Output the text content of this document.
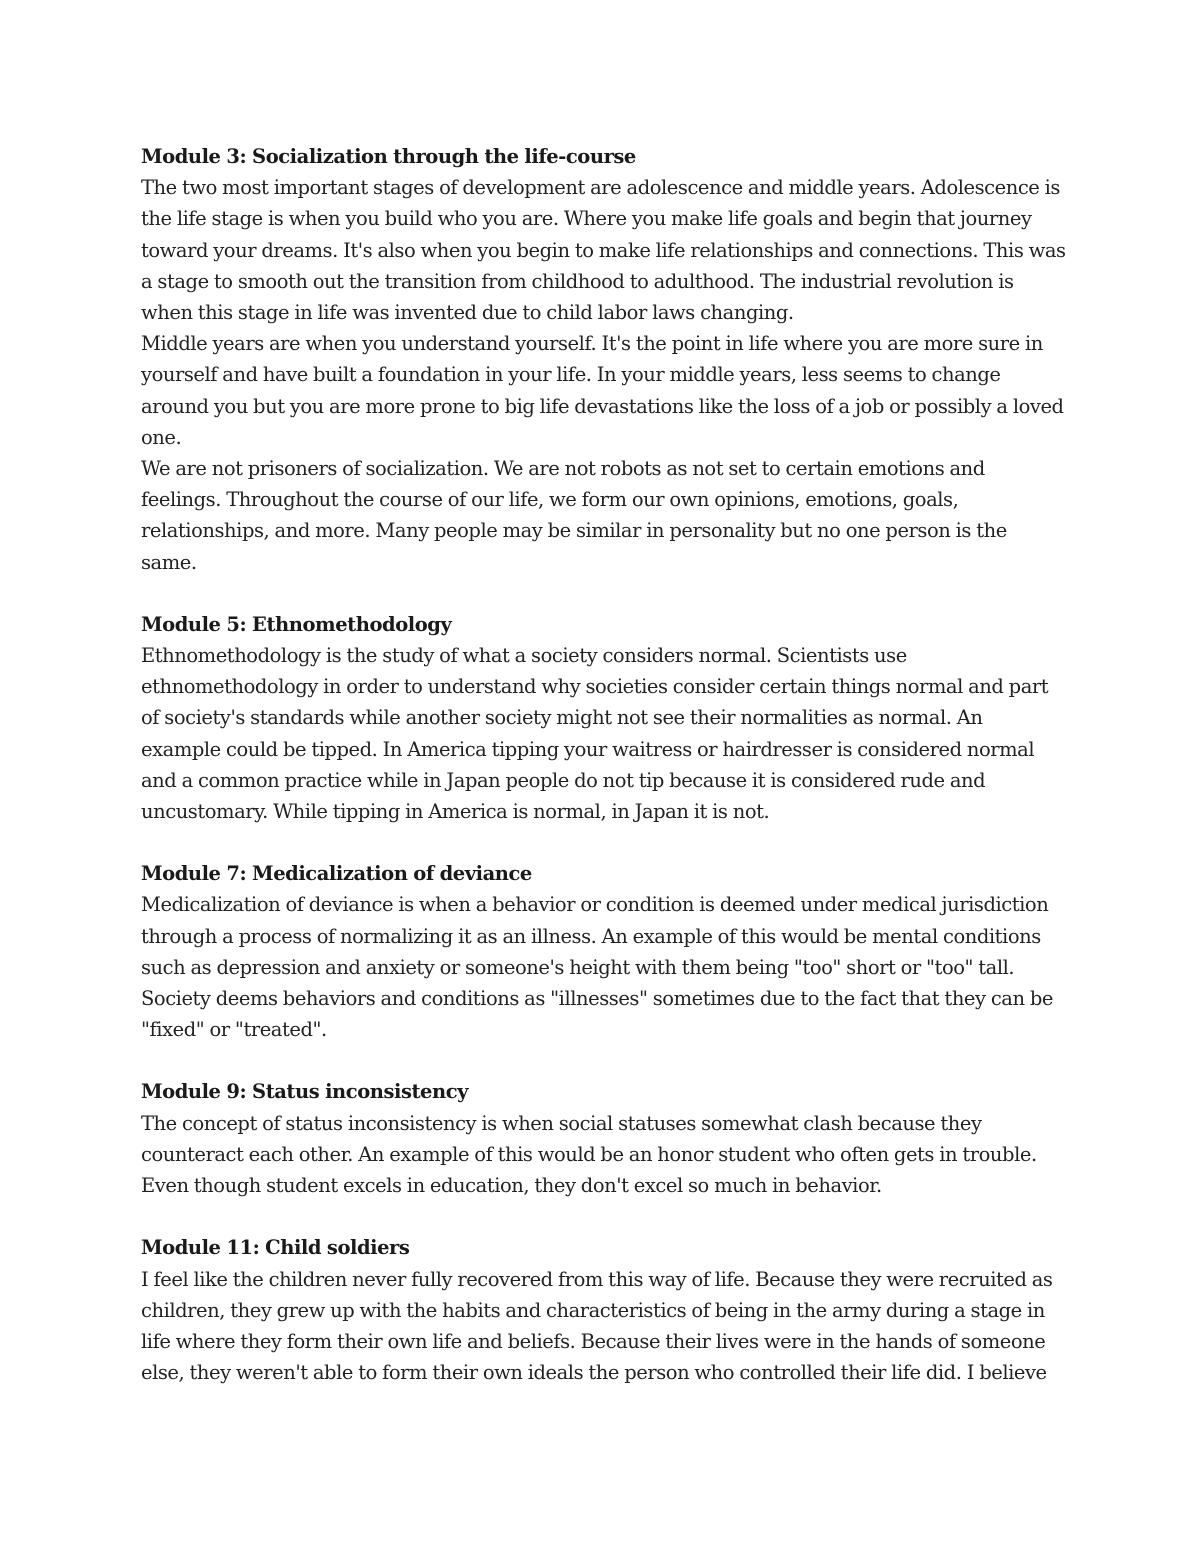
Module 3: Socialization through the life-course

The two most important stages of development are adolescence and middle years. Adolescence is the life stage is when you build who you are. Where you make life goals and begin that journey toward your dreams. It's also when you begin to make life relationships and connections. This was a stage to smooth out the transition from childhood to adulthood. The industrial revolution is when this stage in life was invented due to child labor laws changing.

Middle years are when you understand yourself. It's the point in life where you are more sure in yourself and have built a foundation in your life. In your middle years, less seems to change around you but you are more prone to big life devastations like the loss of a job or possibly a loved one.

We are not prisoners of socialization. We are not robots as not set to certain emotions and feelings. Throughout the course of our life, we form our own opinions, emotions, goals, relationships, and more. Many people may be similar in personality but no one person is the same.

Module 5: Ethnomethodology

Ethnomethodology is the study of what a society considers normal. Scientists use ethnomethodology in order to understand why societies consider certain things normal and part of society's standards while another society might not see their normalities as normal. An example could be tipped. In America tipping your waitress or hairdresser is considered normal and a common practice while in Japan people do not tip because it is considered rude and uncustomary. While tipping in America is normal, in Japan it is not.

Module 7: Medicalization of deviance

Medicalization of deviance is when a behavior or condition is deemed under medical jurisdiction through a process of normalizing it as an illness. An example of this would be mental conditions such as depression and anxiety or someone's height with them being "too" short or "too" tall. Society deems behaviors and conditions as "illnesses" sometimes due to the fact that they can be "fixed" or "treated".

Module 9: Status inconsistency

The concept of status inconsistency is when social statuses somewhat clash because they counteract each other. An example of this would be an honor student who often gets in trouble. Even though student excels in education, they don't excel so much in behavior.

Module 11: Child soldiers

I feel like the children never fully recovered from this way of life. Because they were recruited as children, they grew up with the habits and characteristics of being in the army during a stage in life where they form their own life and beliefs. Because their lives were in the hands of someone else, they weren't able to form their own ideals the person who controlled their life did. I believe
